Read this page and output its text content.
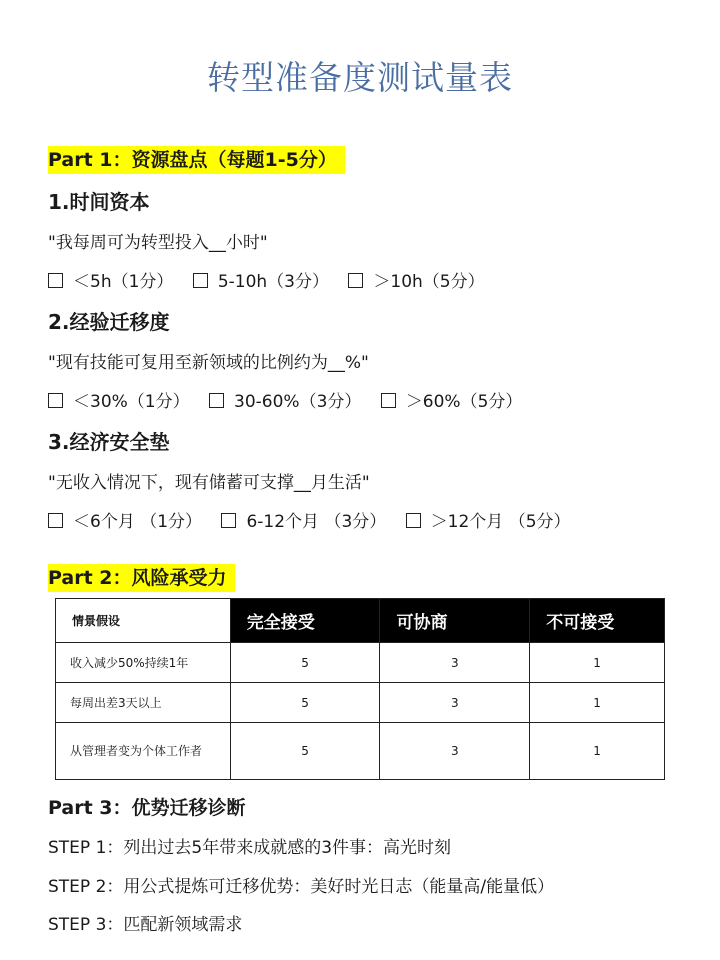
转型准备度测试量表
Part 1：资源盘点（每题1-5分）
1.时间资本
"我每周可为转型投入__小时"
＜5h（1分）	5-10h（3分）	＞10h（5分）
2.经验迁移度
"现有技能可复用至新领域的比例约为__%"
＜30%（1分）	30-60%（3分）	＞60%（5分）
3.经济安全垫
"无收入情况下，现有储蓄可支撑__月生活"
＜6个月 （1分）	6-12个月 （3分）	＞12个月 （5分）
Part 2：风险承受力
情景假设	完全接受	可协商	不可接受
收入减少50%持续1年	5	3	1
每周出差3天以上	5	3	1
从管理者变为个体工作者	5	3	1
Part 3：优势迁移诊断
STEP 1：列出过去5年带来成就感的3件事：高光时刻
STEP 2：用公式提炼可迁移优势：美好时光日志（能量高/能量低）
STEP 3：匹配新领域需求
